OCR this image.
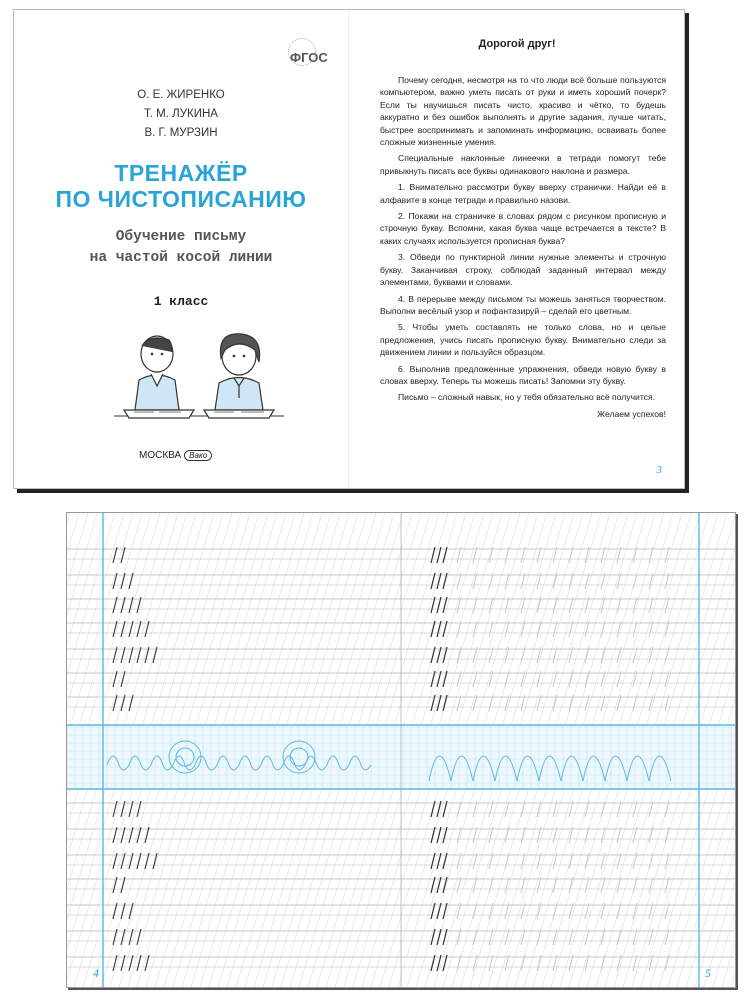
ФГОС
О. Е. ЖИРЕНКО
Т. М. ЛУКИНА
В. Г. МУРЗИН
ТРЕНАЖЁР
ПО ЧИСТОПИСАНИЮ
Обучение письму
на частой косой линии
1 класс
МОСКВА Вако
Дорогой друг!

Почему сегодня, несмотря на то что люди всё больше пользуются компьютером, важно уметь писать от руки и иметь хороший почерк? Если ты научишься писать чисто, красиво и чётко, то будешь аккуратно и без ошибок выполнять и другие задания, лучше читать, быстрее воспринимать и запоминать информацию, осваивать более сложные жизненные умения.

Специальные наклонные линеечки в тетради помогут тебе привыкнуть писать все буквы одинакового наклона и размера.

1. Внимательно рассмотри букву вверху странички. Найди её в алфавите в конце тетради и правильно назови.

2. Покажи на страничке в словах рядом с рисунком прописную и строчную букву. Вспомни, какая буква чаще встречается в тексте? В каких случаях используется прописная буква?

3. Обведи по пунктирной линии нужные элементы и строчную букву. Заканчивая строку, соблюдай заданный интервал между элементами, буквами и словами.

4. В перерыве между письмом ты можешь заняться творчеством. Выполни весёлый узор и пофантазируй – сделай его цветным.

5. Чтобы уметь составлять не только слова, но и целые предложения, учись писать прописную букву. Внимательно следи за движением линии и пользуйся образцом.

6. Выполнив предложенные упражнения, обведи новую букву в словах вверху. Теперь ты можешь писать! Запомни эту букву.

Письмо – сложный навык, но у тебя обязательно всё получится.

Желаем успехов!

3
4	5
